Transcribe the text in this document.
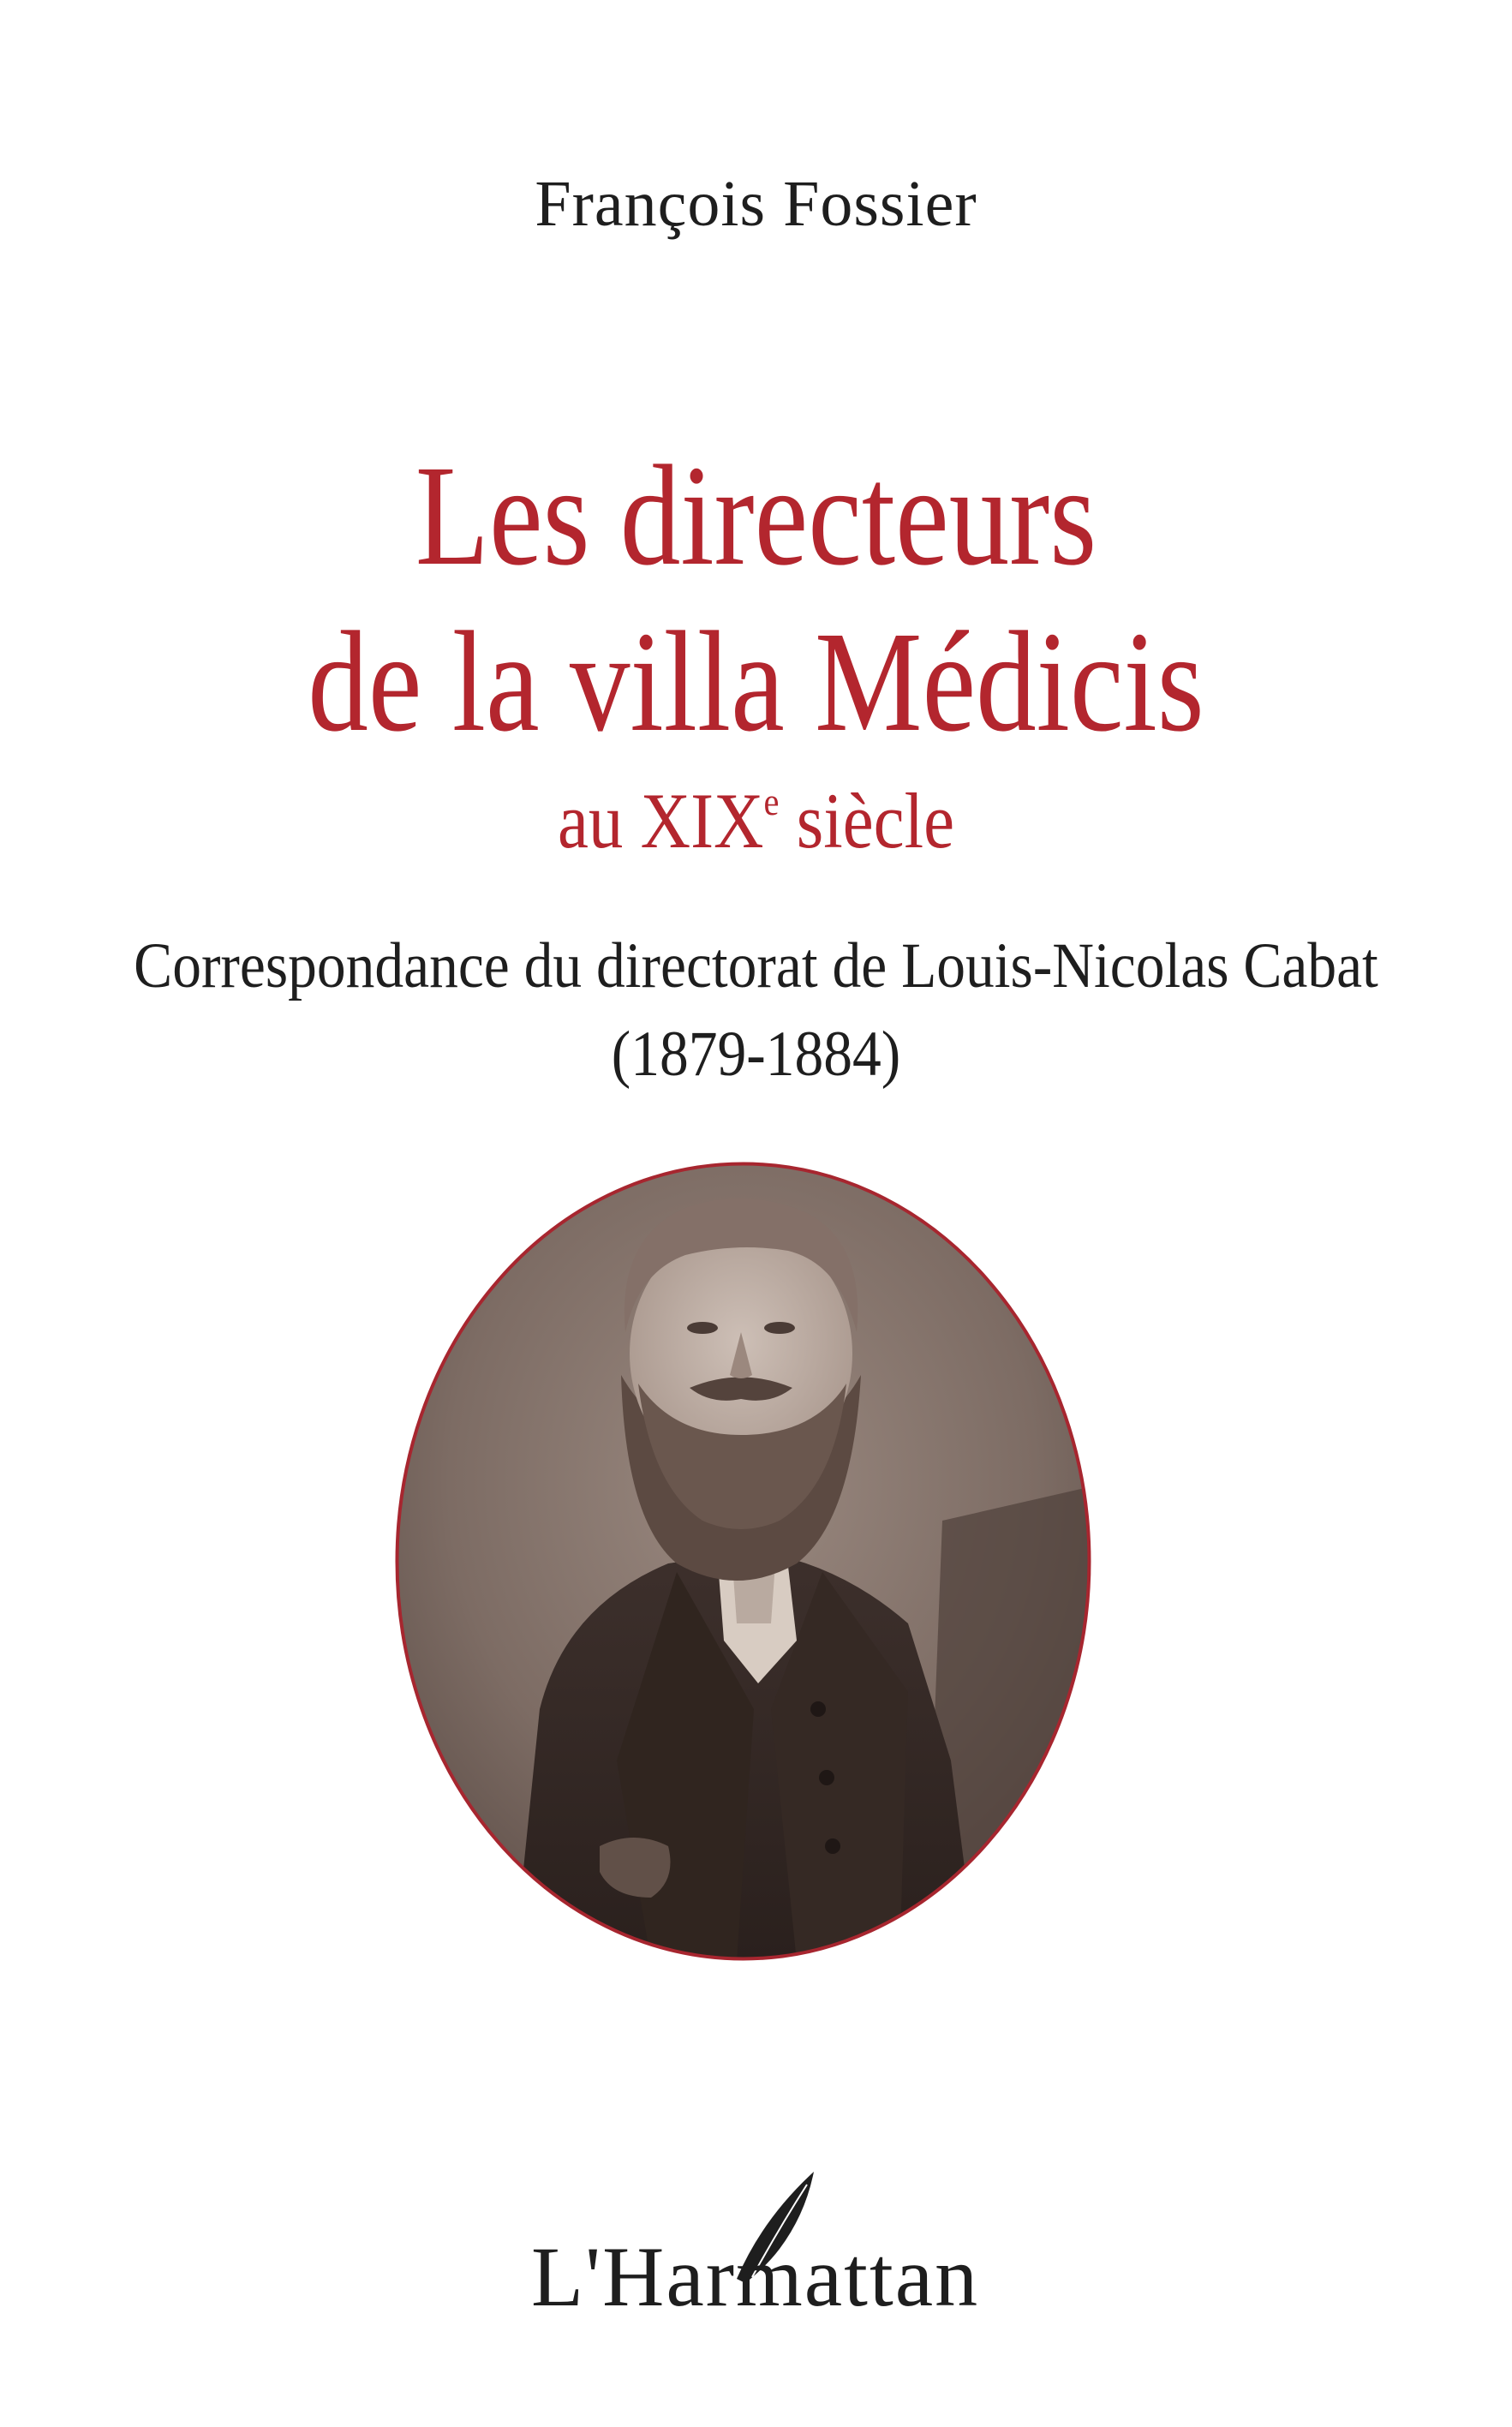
François Fossier
Les directeurs
de la villa Médicis
au XIXe siècle
Correspondance du directorat de Louis-Nicolas Cabat
(1879-1884)
L'Harmattan
